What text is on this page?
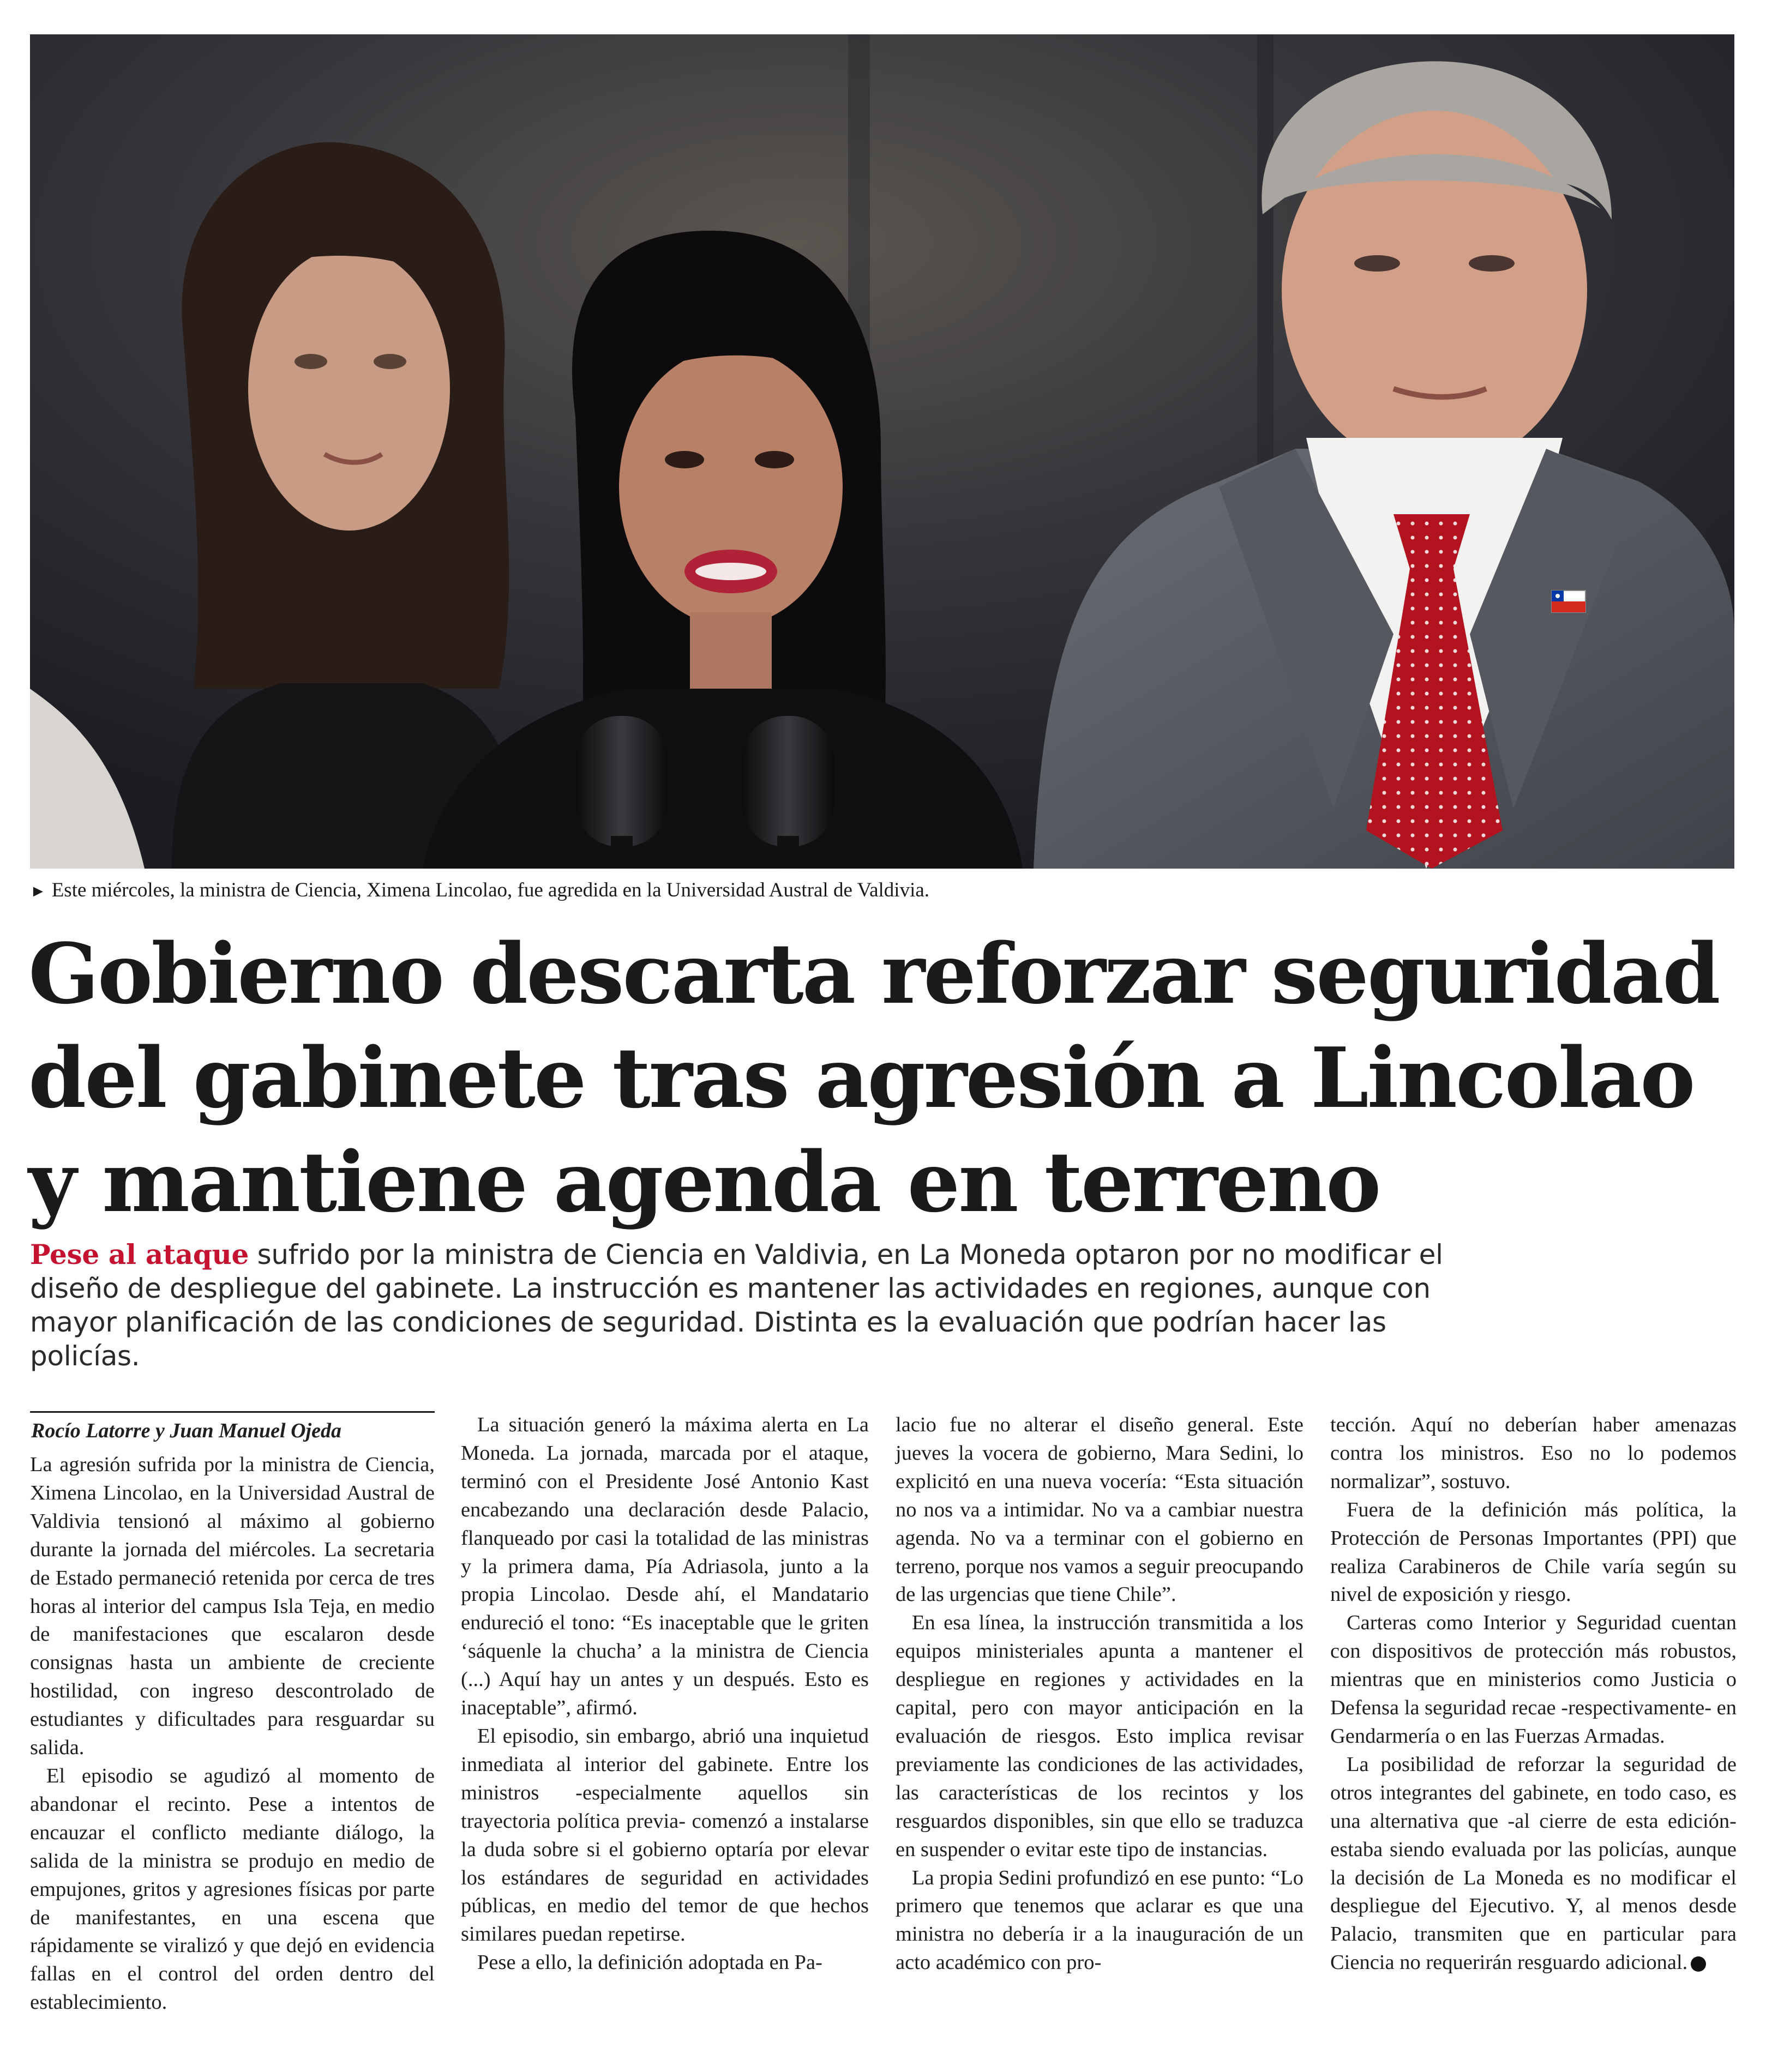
► Este miércoles, la ministra de Ciencia, Ximena Lincolao, fue agredida en la Universidad Austral de Valdivia.
Gobierno descarta reforzar seguridad
del gabinete tras agresión a Lincolao
y mantiene agenda en terreno
Pese al ataque sufrido por la ministra de Ciencia en Valdivia, en La Moneda optaron por no modificar el diseño de despliegue del gabinete. La instrucción es mantener las actividades en regiones, aunque con mayor planificación de las condiciones de seguridad. Distinta es la evaluación que podrían hacer las policías.
Rocío Latorre y Juan Manuel Ojeda

La agresión sufrida por la ministra de Ciencia, Ximena Lincolao, en la Universidad Austral de Valdivia tensionó al máximo al gobierno durante la jornada del miércoles. La secretaria de Estado permaneció retenida por cerca de tres horas al interior del campus Isla Teja, en medio de manifestaciones que escalaron desde consignas hasta un ambiente de creciente hostilidad, con ingreso descontrolado de estudiantes y dificultades para resguardar su salida.

El episodio se agudizó al momento de abandonar el recinto. Pese a intentos de encauzar el conflicto mediante diálogo, la salida de la ministra se produjo en medio de empujones, gritos y agresiones físicas por parte de manifestantes, en una escena que rápidamente se viralizó y que dejó en evidencia fallas en el control del orden dentro del establecimiento.

La situación generó la máxima alerta en La Moneda. La jornada, marcada por el ataque, terminó con el Presidente José Antonio Kast encabezando una declaración desde Palacio, flanqueado por casi la totalidad de las ministras y la primera dama, Pía Adriasola, junto a la propia Lincolao. Desde ahí, el Mandatario endureció el tono: “Es inaceptable que le griten ‘sáquenle la chucha’ a la ministra de Ciencia (...) Aquí hay un antes y un después. Esto es inaceptable”, afirmó.

El episodio, sin embargo, abrió una inquietud inmediata al interior del gabinete. Entre los ministros -especialmente aquellos sin trayectoria política previa- comenzó a instalarse la duda sobre si el gobierno optaría por elevar los estándares de seguridad en actividades públicas, en medio del temor de que hechos similares puedan repetirse.

Pese a ello, la definición adoptada en Pa-

lacio fue no alterar el diseño general. Este jueves la vocera de gobierno, Mara Sedini, lo explicitó en una nueva vocería: “Esta situación no nos va a intimidar. No va a cambiar nuestra agenda. No va a terminar con el gobierno en terreno, porque nos vamos a seguir preocupando de las urgencias que tiene Chile”.

En esa línea, la instrucción transmitida a los equipos ministeriales apunta a mantener el despliegue en regiones y actividades en la capital, pero con mayor anticipación en la evaluación de riesgos. Esto implica revisar previamente las condiciones de las actividades, las características de los recintos y los resguardos disponibles, sin que ello se traduzca en suspender o evitar este tipo de instancias.

La propia Sedini profundizó en ese punto: “Lo primero que tenemos que aclarar es que una ministra no debería ir a la inauguración de un acto académico con pro-

tección. Aquí no deberían haber amenazas contra los ministros. Eso no lo podemos normalizar”, sostuvo.

Fuera de la definición más política, la Protección de Personas Importantes (PPI) que realiza Carabineros de Chile varía según su nivel de exposición y riesgo.

Carteras como Interior y Seguridad cuentan con dispositivos de protección más robustos, mientras que en ministerios como Justicia o Defensa la seguridad recae -respectivamente- en Gendarmería o en las Fuerzas Armadas.

La posibilidad de reforzar la seguridad de otros integrantes del gabinete, en todo caso, es una alternativa que -al cierre de esta edición- estaba siendo evaluada por las policías, aunque la decisión de La Moneda es no modificar el despliegue del Ejecutivo. Y, al menos desde Palacio, transmiten que en particular para Ciencia no requerirán resguardo adicional.
